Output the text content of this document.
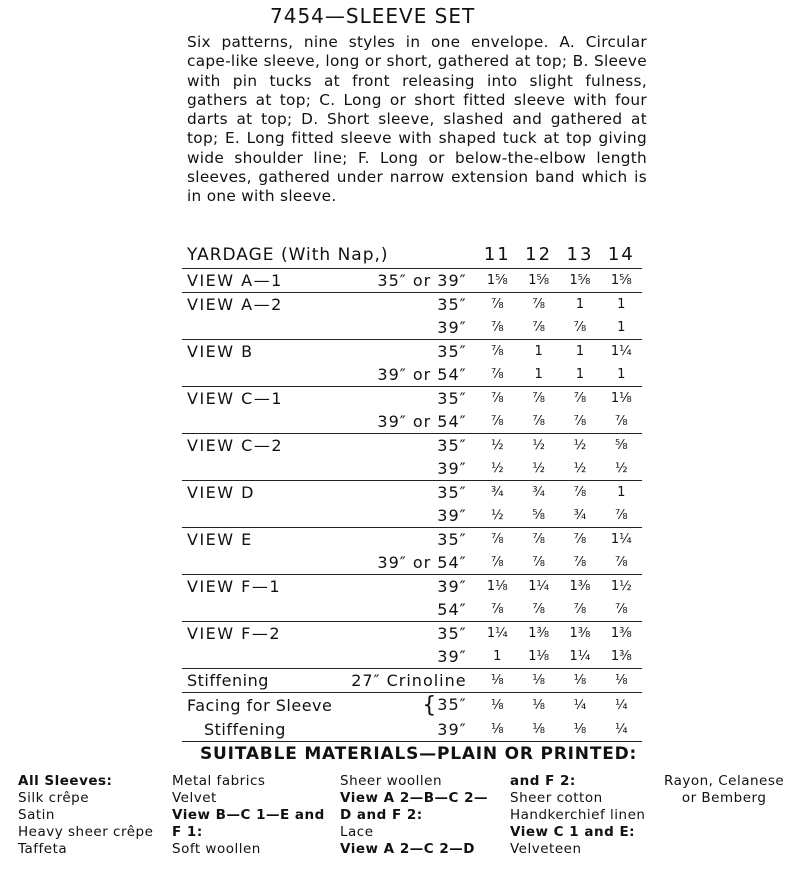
7454—SLEEVE SET
Six patterns, nine styles in one envelope. A. Circular cape-like sleeve, long or short, gathered at top; B. Sleeve with pin tucks at front releasing into slight fulness, gathers at top; C. Long or short fitted sleeve with four darts at top; D. Short sleeve, slashed and gathered at top; E. Long fitted sleeve with shaped tuck at top giving wide shoulder line; F. Long or below-the-elbow length sleeves, gathered under narrow extension band which is in one with sleeve.
YARDAGE (With Nap,)		11	12	13	14
VIEW A—1	35″ or 39″	1⅝	1⅝	1⅝	1⅝
VIEW A—2	35″	⅞	⅞	1	1
	39″	⅞	⅞	⅞	1
VIEW B	35″	⅞	1	1	1¼
	39″ or 54″	⅞	1	1	1
VIEW C—1	35″	⅞	⅞	⅞	1⅛
	39″ or 54″	⅞	⅞	⅞	⅞
VIEW C—2	35″	½	½	½	⅝
	39″	½	½	½	½
VIEW D	35″	¾	¾	⅞	1
	39″	½	⅝	¾	⅞
VIEW E	35″	⅞	⅞	⅞	1¼
	39″ or 54″	⅞	⅞	⅞	⅞
VIEW F—1	39″	1⅛	1¼	1⅜	1½
	54″	⅞	⅞	⅞	⅞
VIEW F—2	35″	1¼	1⅜	1⅜	1⅜
	39″	1	1⅛	1¼	1⅜
Stiffening	27″ Crinoline	⅛	⅛	⅛	⅛
Facing for Sleeve	{35″	⅛	⅛	¼	¼
Stiffening	39″	⅛	⅛	⅛	¼
SUITABLE MATERIALS—PLAIN OR PRINTED:
All Sleeves:
Silk crêpe
Satin
Heavy sheer crêpe
Taffeta
Metal fabrics
Velvet
View B—C 1—E and
F 1:
Soft woollen
Sheer woollen
View A 2—B—C 2—
D and F 2:
Lace
View A 2—C 2—D
and F 2:
Sheer cotton
Handkerchief linen
View C 1 and E:
Velveteen
Rayon, Celanese
or Bemberg
